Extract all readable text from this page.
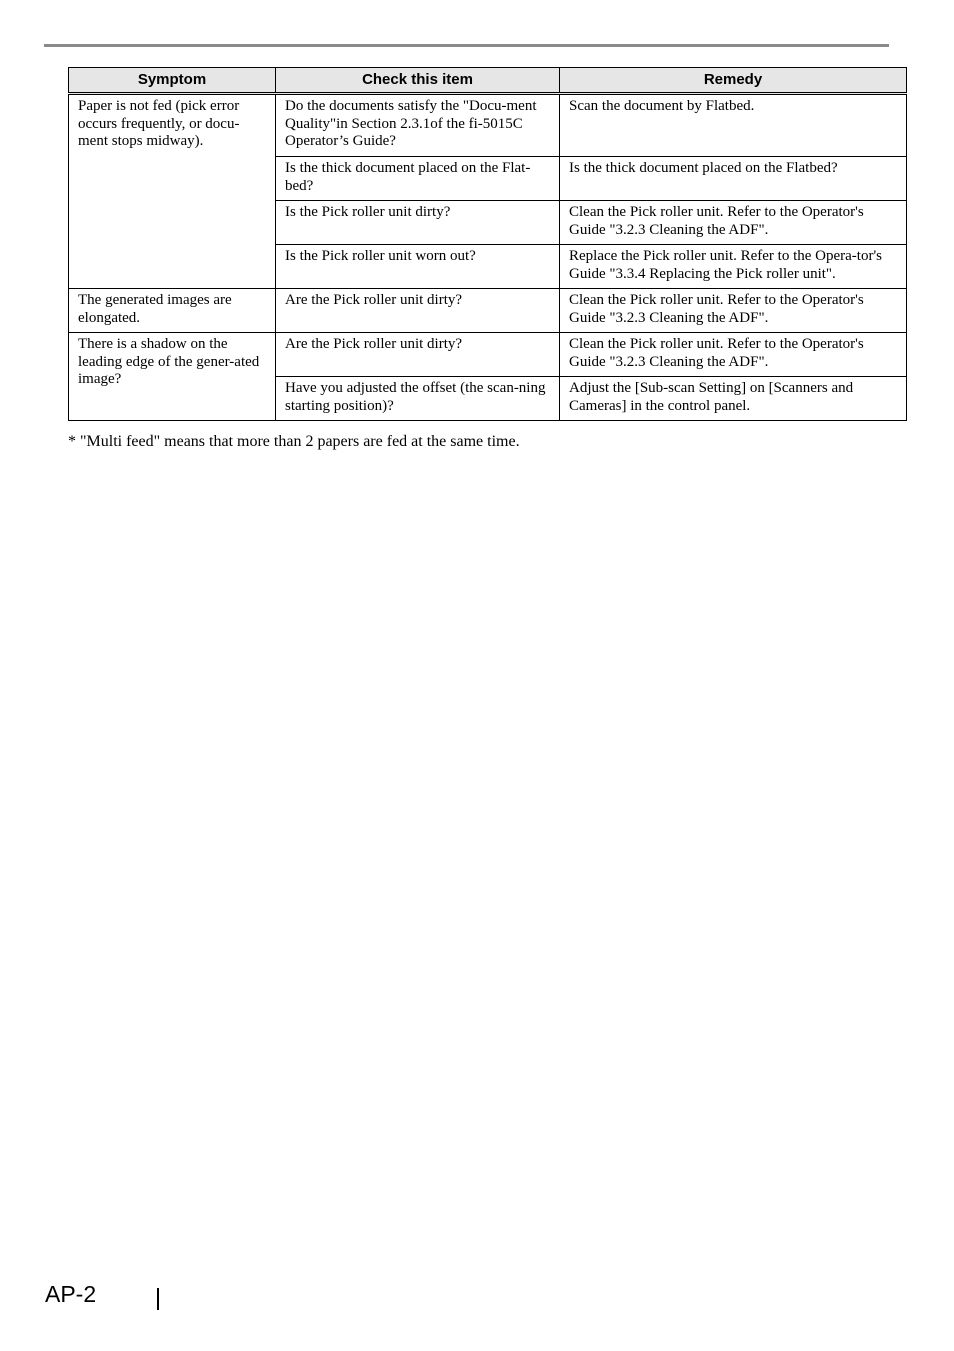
Symptom	Check this item	Remedy
Paper is not fed (pick error occurs frequently, or docu-ment stops midway).	Do the documents satisfy the "Docu-ment Quality"in Section 2.3.1of the fi-5015C Operator’s Guide?	Scan the document by Flatbed.
	Is the thick document placed on the Flat-bed?	Is the thick document placed on the Flatbed?
	Is the Pick roller unit dirty?	Clean the Pick roller unit. Refer to the Operator's Guide "3.2.3 Cleaning the ADF".
	Is the Pick roller unit worn out?	Replace the Pick roller unit. Refer to the Opera-tor's Guide "3.3.4 Replacing the Pick roller unit".
The generated images are elongated.	Are the Pick roller unit dirty?	Clean the Pick roller unit. Refer to the Operator's Guide "3.2.3 Cleaning the ADF".
There is a shadow on the leading edge of the gener-ated image?	Are the Pick roller unit dirty?	Clean the Pick roller unit. Refer to the Operator's Guide "3.2.3 Cleaning the ADF".
	Have you adjusted the offset (the scan-ning starting position)?	Adjust the [Sub-scan Setting] on [Scanners and Cameras] in the control panel.
* "Multi feed" means that more than 2 papers are fed at the same time.
AP-2
